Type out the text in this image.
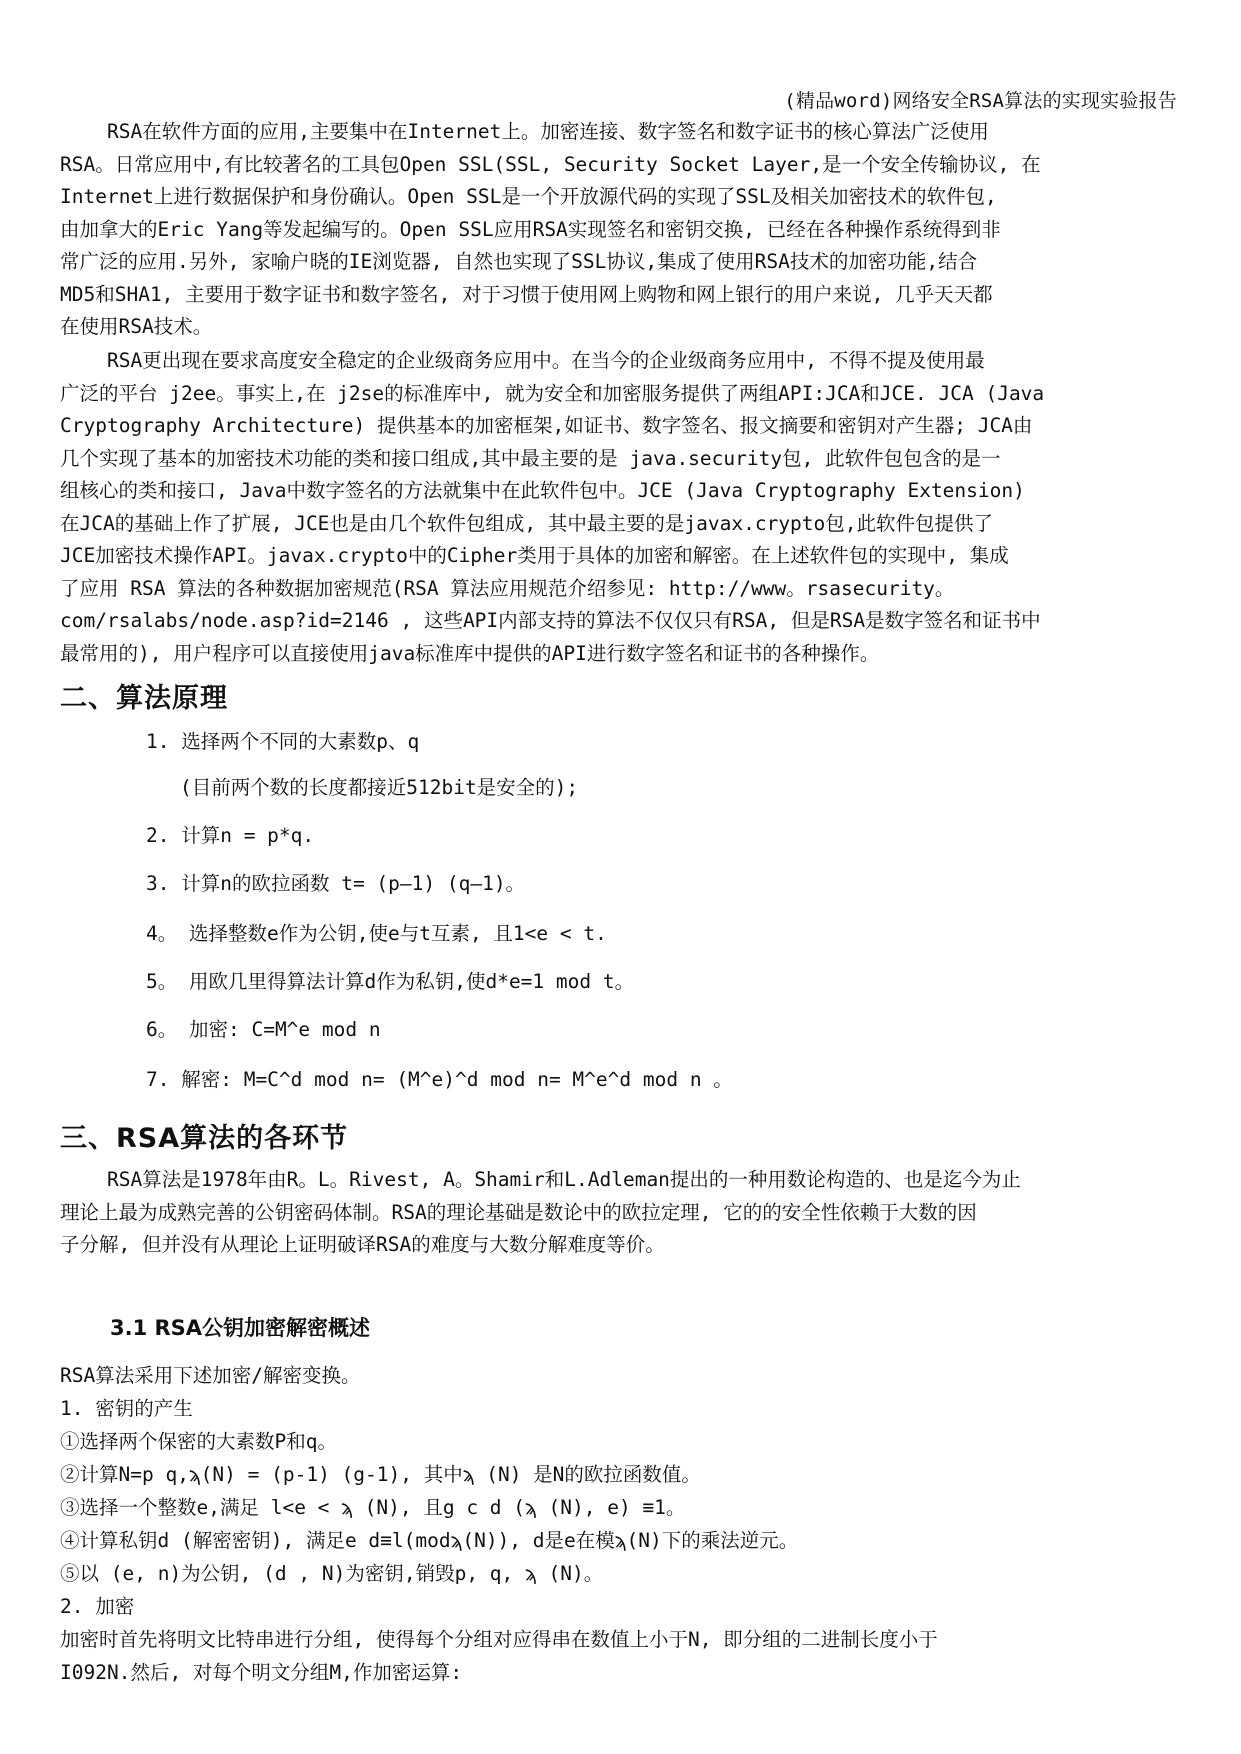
(精品word)网络安全RSA算法的实现实验报告
RSA在软件方面的应用,主要集中在Internet上。加密连接、数字签名和数字证书的核心算法广泛使用
RSA。日常应用中,有比较著名的工具包Open SSL(SSL, Security Socket Layer,是一个安全传输协议, 在
Internet上进行数据保护和身份确认。Open SSL是一个开放源代码的实现了SSL及相关加密技术的软件包,
由加拿大的Eric Yang等发起编写的。Open SSL应用RSA实现签名和密钥交换, 已经在各种操作系统得到非
常广泛的应用.另外, 家喻户晓的IE浏览器, 自然也实现了SSL协议,集成了使用RSA技术的加密功能,结合
MD5和SHA1, 主要用于数字证书和数字签名, 对于习惯于使用网上购物和网上银行的用户来说, 几乎天天都
在使用RSA技术。
RSA更出现在要求高度安全稳定的企业级商务应用中。在当今的企业级商务应用中, 不得不提及使用最
广泛的平台 j2ee。事实上,在 j2se的标准库中, 就为安全和加密服务提供了两组API:JCA和JCE. JCA (Java
Cryptography Architecture) 提供基本的加密框架,如证书、数字签名、报文摘要和密钥对产生器; JCA由
几个实现了基本的加密技术功能的类和接口组成,其中最主要的是 java.security包, 此软件包包含的是一
组核心的类和接口, Java中数字签名的方法就集中在此软件包中。JCE (Java Cryptography Extension)
在JCA的基础上作了扩展, JCE也是由几个软件包组成, 其中最主要的是javax.crypto包,此软件包提供了
JCE加密技术操作API。javax.crypto中的Cipher类用于具体的加密和解密。在上述软件包的实现中, 集成
了应用 RSA 算法的各种数据加密规范(RSA 算法应用规范介绍参见: http://www。rsasecurity。
com/rsalabs/node.asp?id=2146 , 这些API内部支持的算法不仅仅只有RSA, 但是RSA是数字签名和证书中
最常用的), 用户程序可以直接使用java标准库中提供的API进行数字签名和证书的各种操作。
二、算法原理
1. 选择两个不同的大素数p、q
(目前两个数的长度都接近512bit是安全的);
2. 计算n = p*q.
3. 计算n的欧拉函数 t= (p—1) (q—1)。
4。 选择整数e作为公钥,使e与t互素, 且1<e < t.
5。 用欧几里得算法计算d作为私钥,使d*e=1 mod t。
6。 加密: C=M^e mod n
7. 解密: M=C^d mod n= (M^e)^d mod n= M^e^d mod n 。
三、RSA算法的各环节
RSA算法是1978年由R。L。Rivest, A。Shamir和L.Adleman提出的一种用数论构造的、也是迄今为止
理论上最为成熟完善的公钥密码体制。RSA的理论基础是数论中的欧拉定理, 它的的安全性依赖于大数的因
子分解, 但并没有从理论上证明破译RSA的难度与大数分解难度等价。
3.1 RSA公钥加密解密概述
RSA算法采用下述加密/解密变换。
1. 密钥的产生
①选择两个保密的大素数P和q。
②计算N=p q,ϡ(N) = (p-1) (g-1), 其中ϡ (N) 是N的欧拉函数值。
③选择一个整数e,满足 l<e < ϡ (N), 且g c d (ϡ (N), e) ≡1。
④计算私钥d (解密密钥), 满足e d≡l(modϡ(N)), d是e在模ϡ(N)下的乘法逆元。
⑤以 (e, n)为公钥, (d , N)为密钥,销毁p, q, ϡ (N)。
2. 加密
加密时首先将明文比特串进行分组, 使得每个分组对应得串在数值上小于N, 即分组的二进制长度小于
I092N.然后, 对每个明文分组M,作加密运算:
